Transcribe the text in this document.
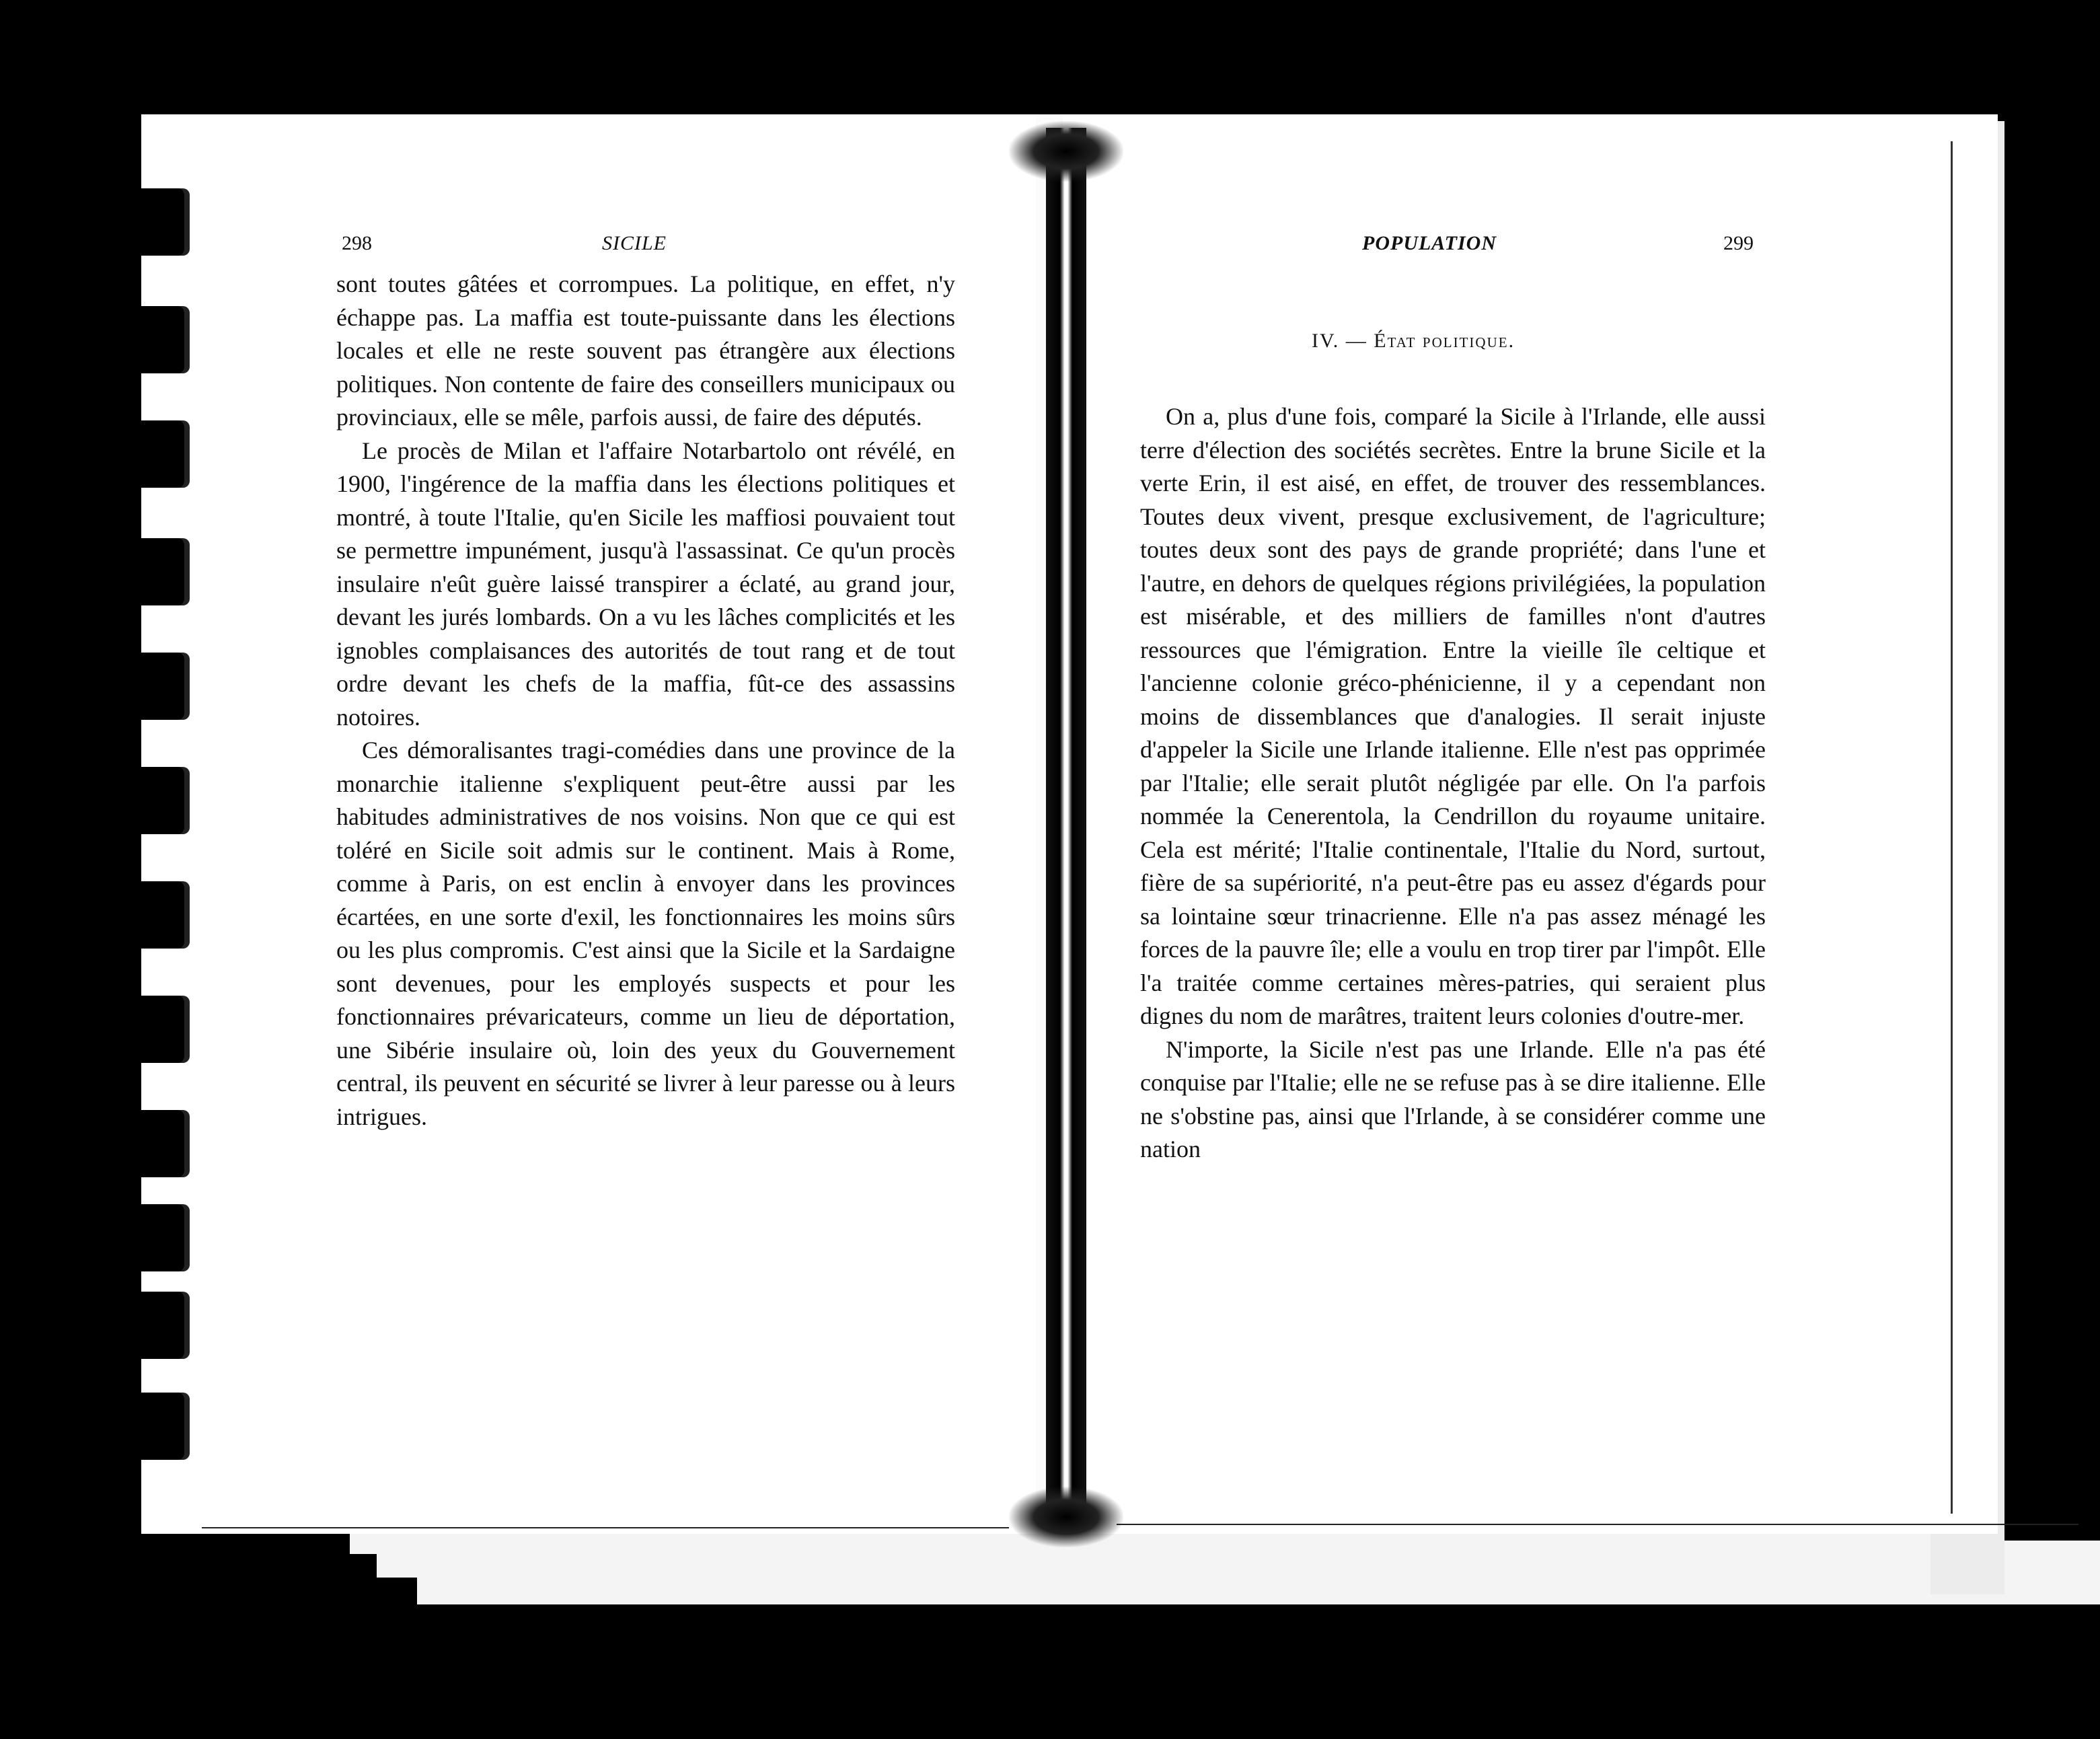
298	SICILE

sont toutes gâtées et corrompues. La politique, en effet, n'y échappe pas. La maffia est toute-puissante dans les élections locales et elle ne reste souvent pas étrangère aux élections politiques. Non contente de faire des conseillers municipaux ou provinciaux, elle se mêle, parfois aussi, de faire des députés.

Le procès de Milan et l'affaire Notarbartolo ont révélé, en 1900, l'ingérence de la maffia dans les élections politiques et montré, à toute l'Italie, qu'en Sicile les maffiosi pouvaient tout se permettre impunément, jusqu'à l'assassinat. Ce qu'un procès insulaire n'eût guère laissé transpirer a éclaté, au grand jour, devant les jurés lombards. On a vu les lâches complicités et les ignobles complaisances des autorités de tout rang et de tout ordre devant les chefs de la maffia, fût-ce des assassins notoires.

Ces démoralisantes tragi-comédies dans une province de la monarchie italienne s'expliquent peut-être aussi par les habitudes administratives de nos voisins. Non que ce qui est toléré en Sicile soit admis sur le continent. Mais à Rome, comme à Paris, on est enclin à envoyer dans les provinces écartées, en une sorte d'exil, les fonctionnaires les moins sûrs ou les plus compromis. C'est ainsi que la Sicile et la Sardaigne sont devenues, pour les employés suspects et pour les fonctionnaires prévaricateurs, comme un lieu de déportation, une Sibérie insulaire où, loin des yeux du Gouvernement central, ils peuvent en sécurité se livrer à leur paresse ou à leurs intrigues.

POPULATION	299
IV. — État politique.

On a, plus d'une fois, comparé la Sicile à l'Irlande, elle aussi terre d'élection des sociétés secrètes. Entre la brune Sicile et la verte Erin, il est aisé, en effet, de trouver des ressemblances. Toutes deux vivent, presque exclusivement, de l'agriculture; toutes deux sont des pays de grande propriété; dans l'une et l'autre, en dehors de quelques régions privilégiées, la population est misérable, et des milliers de familles n'ont d'autres ressources que l'émigration. Entre la vieille île celtique et l'ancienne colonie gréco-phénicienne, il y a cependant non moins de dissemblances que d'analogies. Il serait injuste d'appeler la Sicile une Irlande italienne. Elle n'est pas opprimée par l'Italie; elle serait plutôt négligée par elle. On l'a parfois nommée la Cenerentola, la Cendrillon du royaume unitaire. Cela est mérité; l'Italie continentale, l'Italie du Nord, surtout, fière de sa supériorité, n'a peut-être pas eu assez d'égards pour sa lointaine sœur trinacrienne. Elle n'a pas assez ménagé les forces de la pauvre île; elle a voulu en trop tirer par l'impôt. Elle l'a traitée comme certaines mères-patries, qui seraient plus dignes du nom de marâtres, traitent leurs colonies d'outre-mer.

N'importe, la Sicile n'est pas une Irlande. Elle n'a pas été conquise par l'Italie; elle ne se refuse pas à se dire italienne. Elle ne s'obstine pas, ainsi que l'Irlande, à se considérer comme une nation
